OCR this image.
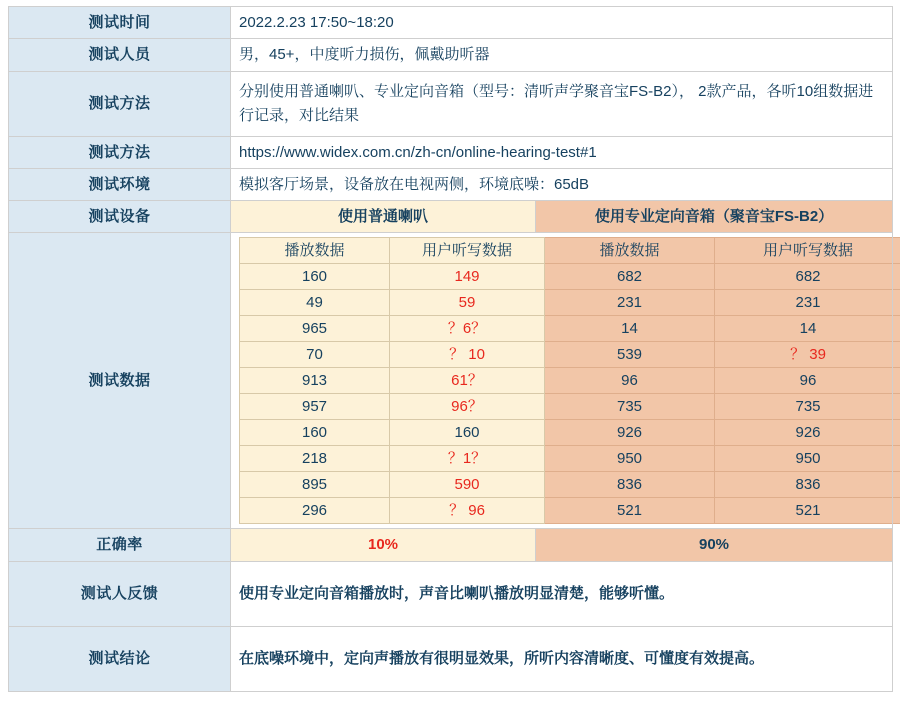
测试时间	2022.2.23 17:50~18:20
测试人员	男，45+，中度听力损伤，佩戴助听器
测试方法	分别使用普通喇叭、专业定向音箱（型号：清听声学聚音宝FS-B2）， 2款产品，各听10组数据进行记录，对比结果
测试方法	https://www.widex.com.cn/zh-cn/online-hearing-test#1
测试环境	模拟客厅场景，设备放在电视两侧，环境底噪：65dB
测试设备	使用普通喇叭	使用专业定向音箱（聚音宝FS-B2）
测试数据	
播放数据	用户听写数据	播放数据	用户听写数据
160	149	682	682
49	59	231	231
965	？6？	14	14
70	？ 10	539	？ 39
913	61？	96	96
957	96？	735	735
160	160	926	926
218	？1？	950	950
895	590	836	836
296	？ 96	521	521

正确率	10%	90%
测试人反馈	使用专业定向音箱播放时，声音比喇叭播放明显清楚，能够听懂。
测试结论	在底噪环境中，定向声播放有很明显效果，所听内容清晰度、可懂度有效提高。
